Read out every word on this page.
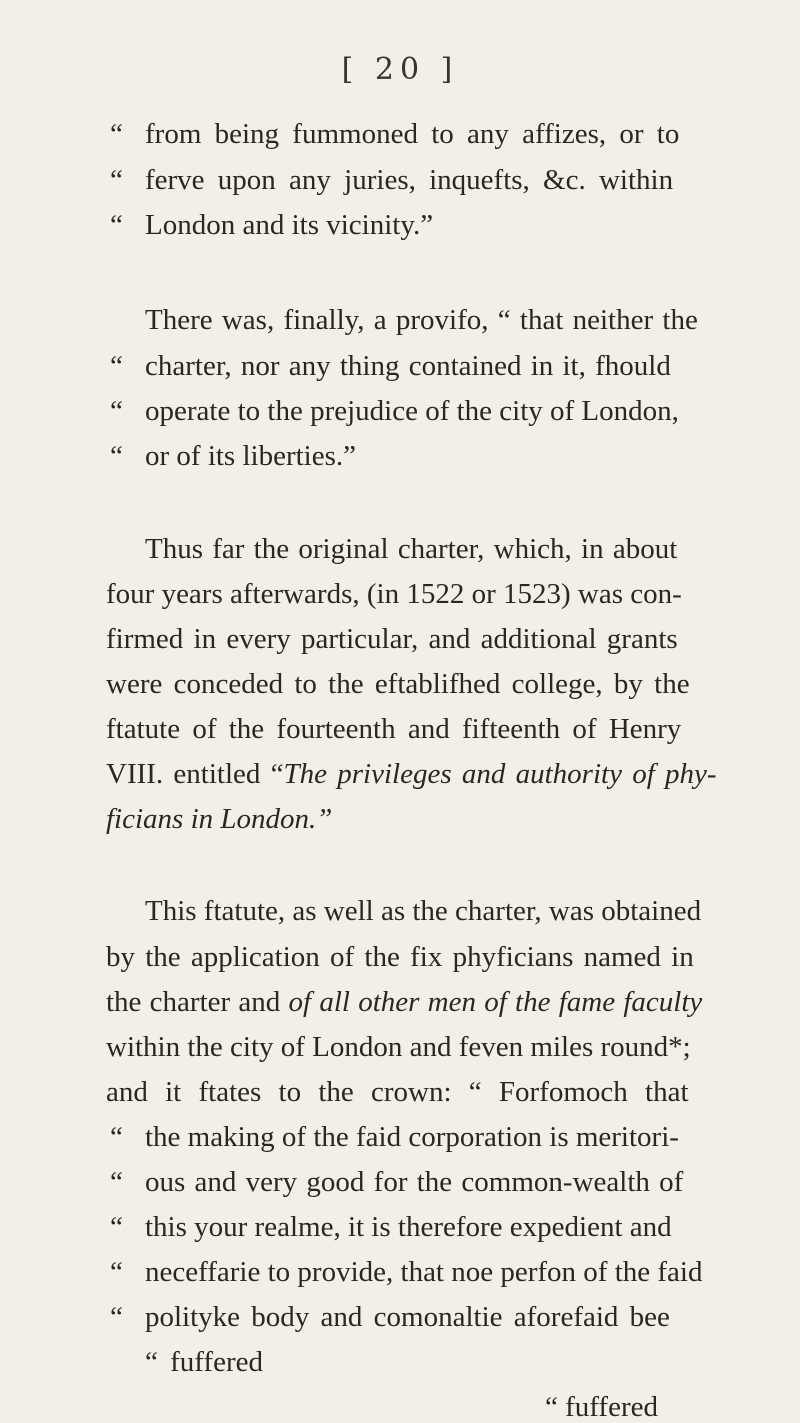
[ 20 ]
“ from being fummoned to any affizes, or to
“ ferve upon any juries, inquefts, &c. within
“ London and its vicinity.”
There was, finally, a provifo, “ that neither the
“ charter, nor any thing contained in it, fhould
“ operate to the prejudice of the city of London,
“ or of its liberties.”
Thus far the original charter, which, in about
four years afterwards, (in 1522 or 1523) was con-
firmed in every particular, and additional grants
were conceded to the eftablifhed college, by the
ftatute of the fourteenth and fifteenth of Henry
VIII. entitled “The privileges and authority of phy-
ficians in London.”
This ftatute, as well as the charter, was obtained
by the application of the fix phyficians named in
the charter and of all other men of the fame faculty
within the city of London and feven miles round*;
and it ftates to the crown: “ Forfomoch that
“ the making of the faid corporation is meritori-
“ ous and very good for the common-wealth of
“ this your realme, it is therefore expedient and
“ neceffarie to provide, that noe perfon of the faid
“ polityke body and comonaltie aforefaid bee
“ fuffered
“ fuffered
